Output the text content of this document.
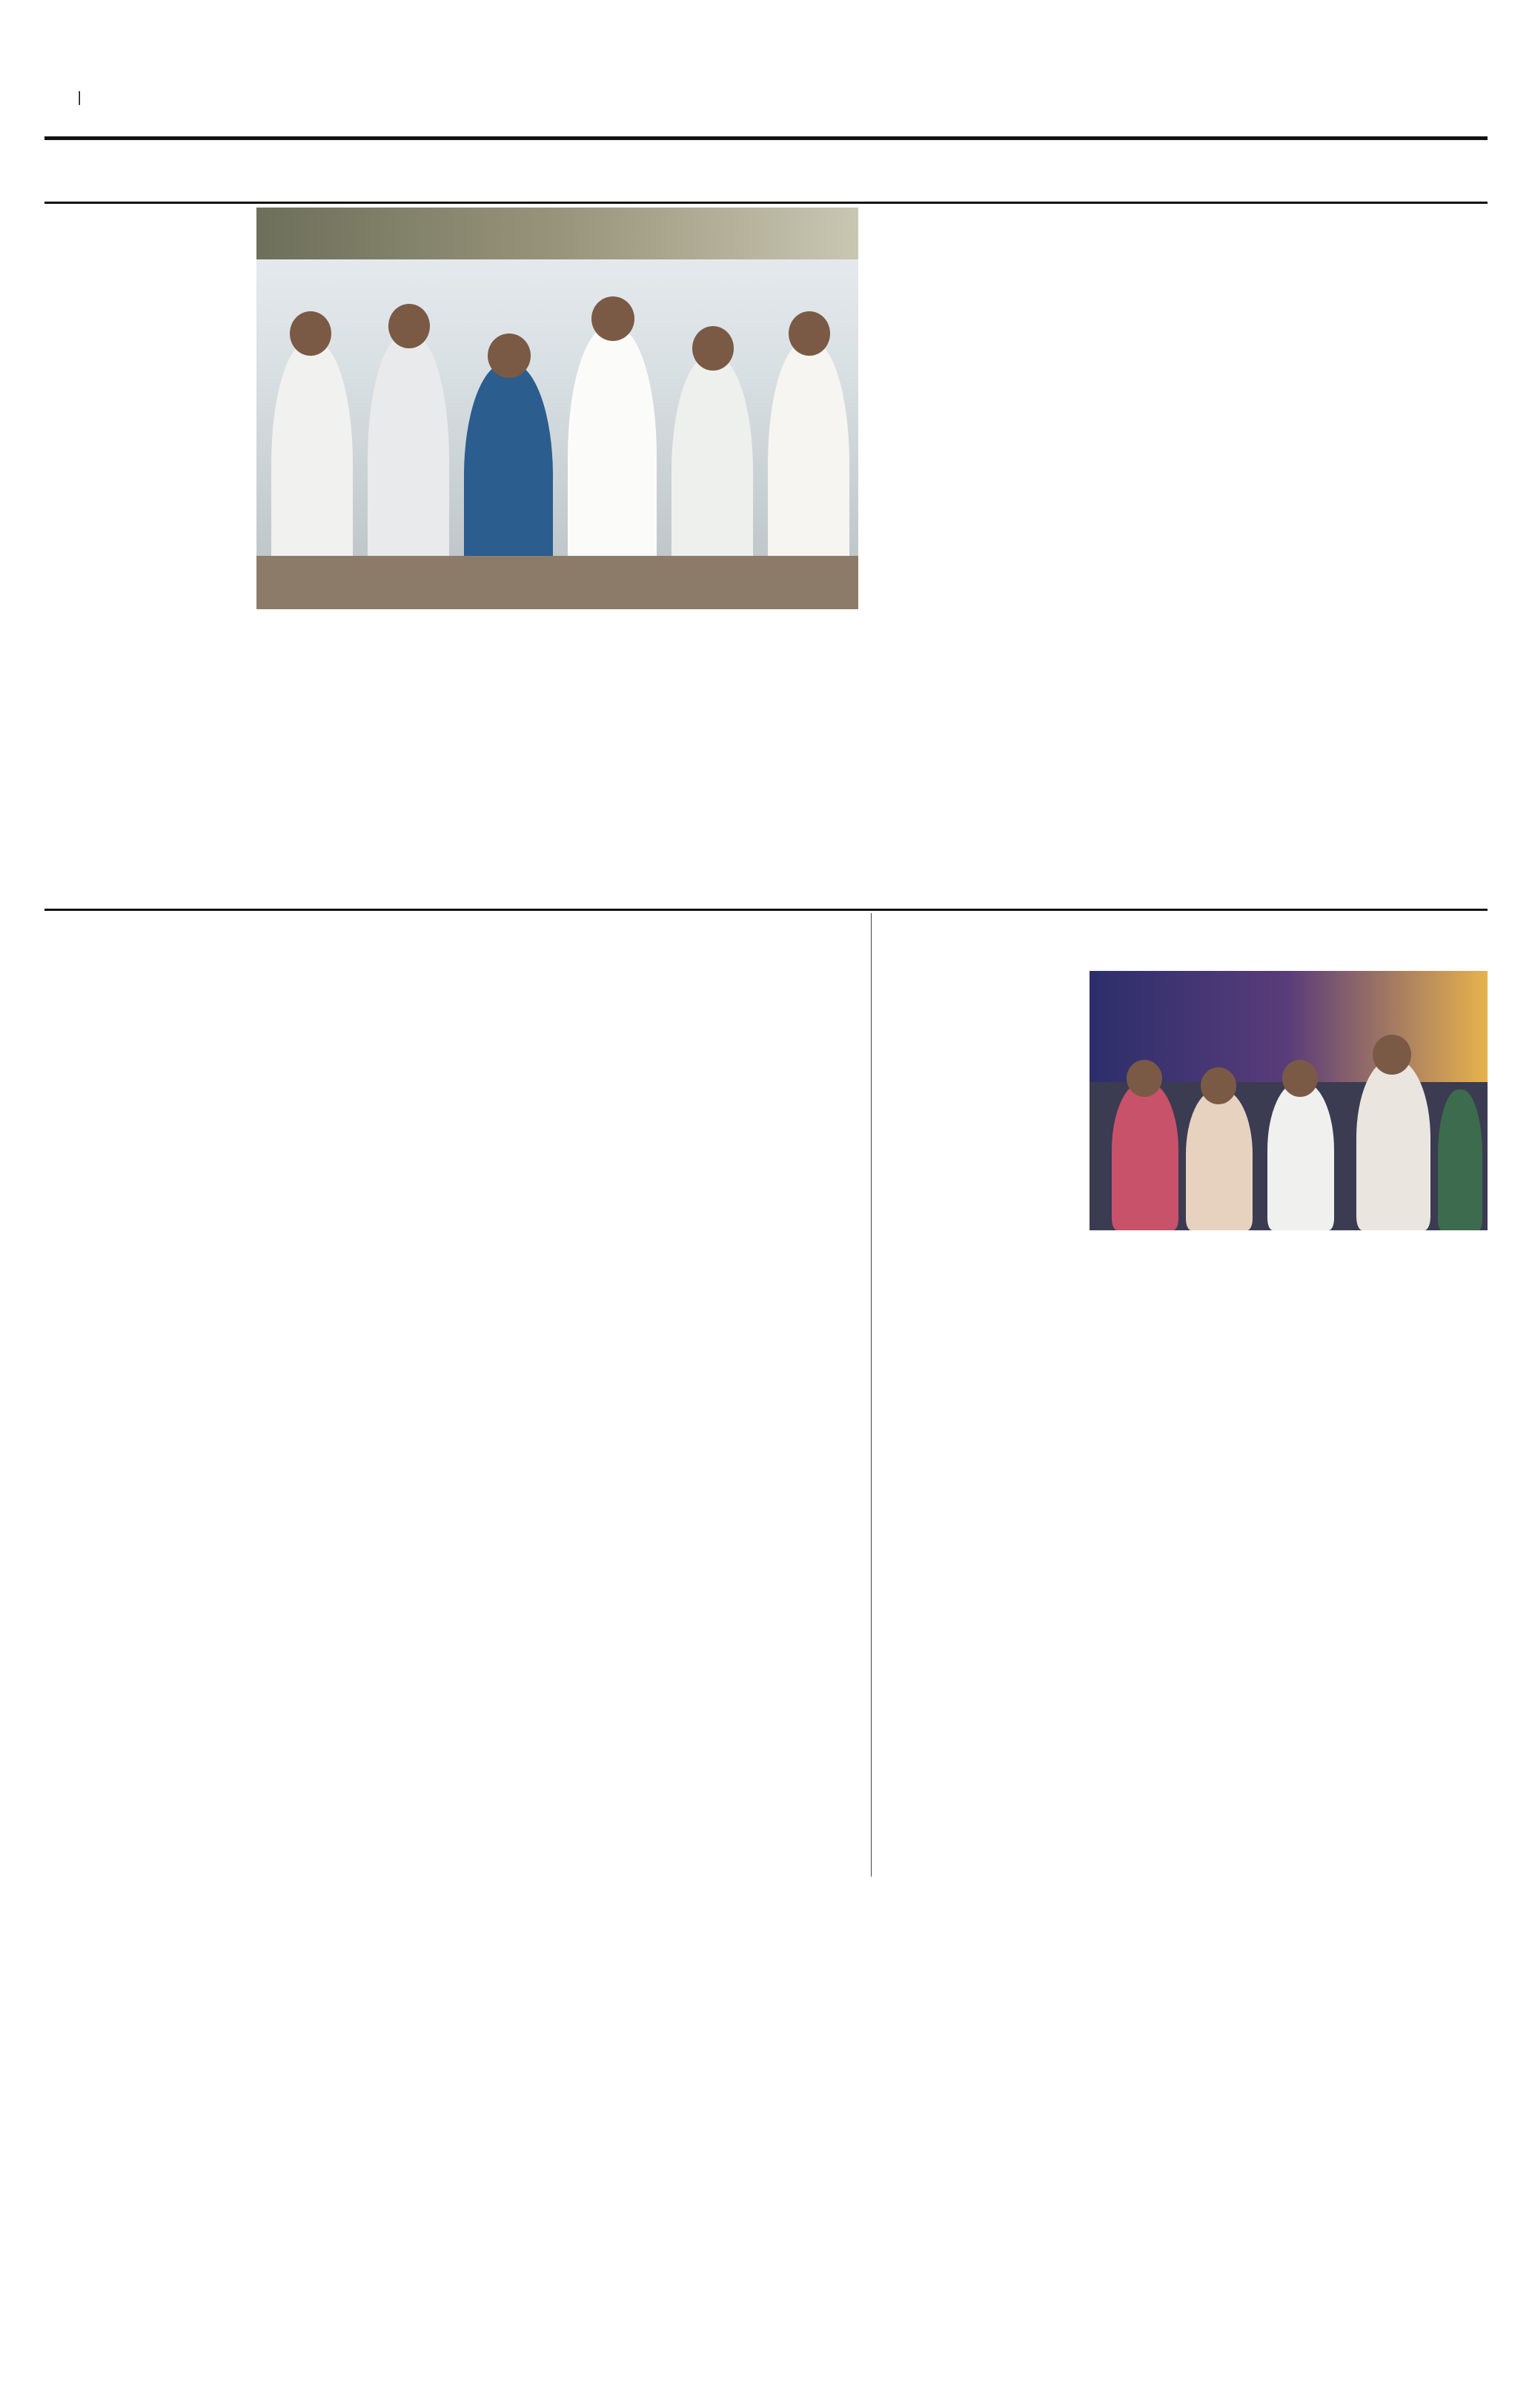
|
